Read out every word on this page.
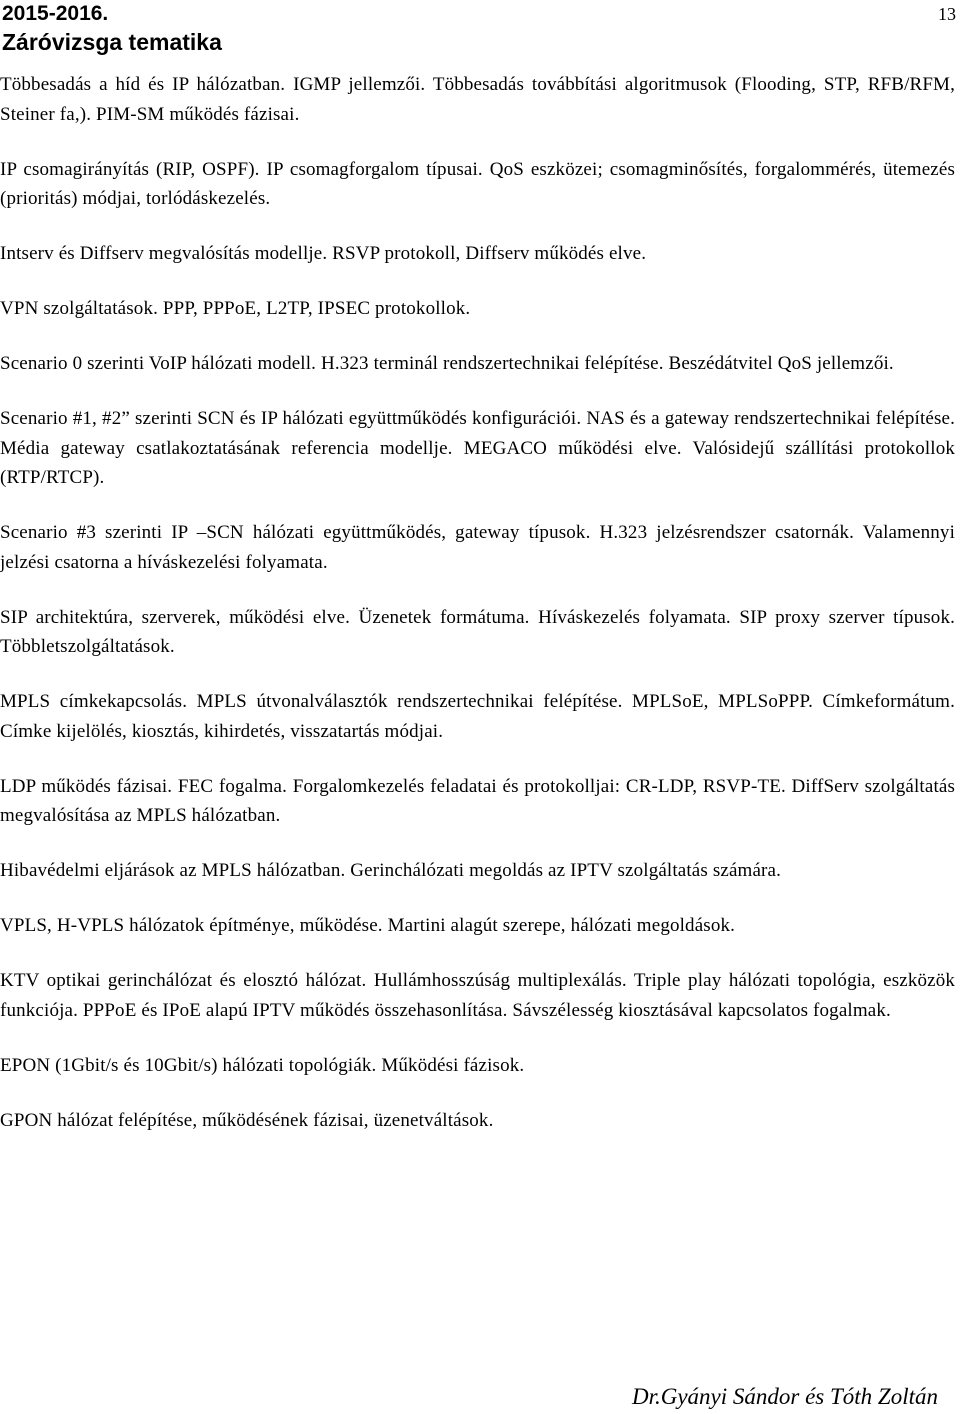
2015-2016.
Záróvizsga tematika
13

Többesadás a híd és IP hálózatban. IGMP jellemzői. Többesadás továbbítási algoritmusok (Flooding, STP, RFB/RFM, Steiner fa,). PIM-SM működés fázisai.

IP csomagirányítás (RIP, OSPF). IP csomagforgalom típusai. QoS eszközei; csomagminősítés, forgalommérés, ütemezés (prioritás) módjai, torlódáskezelés.

Intserv és Diffserv megvalósítás modellje. RSVP protokoll, Diffserv működés elve.

VPN szolgáltatások. PPP, PPPoE, L2TP, IPSEC protokollok.

Scenario 0 szerinti VoIP hálózati modell. H.323 terminál rendszertechnikai felépítése. Beszédátvitel QoS jellemzői.

Scenario #1, #2” szerinti SCN és IP hálózati együttműködés konfigurációi. NAS és a gateway rendszertechnikai felépítése. Média gateway csatlakoztatásának referencia modellje. MEGACO működési elve. Valósidejű szállítási protokollok (RTP/RTCP).

Scenario #3 szerinti IP –SCN hálózati együttműködés, gateway típusok. H.323 jelzésrendszer csatornák. Valamennyi jelzési csatorna a híváskezelési folyamata.

SIP architektúra, szerverek, működési elve. Üzenetek formátuma. Híváskezelés folyamata. SIP proxy szerver típusok. Többletszolgáltatások.

MPLS címkekapcsolás. MPLS útvonalválasztók rendszertechnikai felépítése. MPLSoE, MPLSoPPP. Címkeformátum. Címke kijelölés, kiosztás, kihirdetés, visszatartás módjai.

LDP működés fázisai. FEC fogalma. Forgalomkezelés feladatai és protokolljai: CR-LDP, RSVP-TE. DiffServ szolgáltatás megvalósítása az MPLS hálózatban.

Hibavédelmi eljárások az MPLS hálózatban. Gerinchálózati megoldás az IPTV szolgáltatás számára.

VPLS, H-VPLS hálózatok építménye, működése. Martini alagút szerepe, hálózati megoldások.

KTV optikai gerinchálózat és elosztó hálózat. Hullámhosszúság multiplexálás. Triple play hálózati topológia, eszközök funkciója. PPPoE és IPoE alapú IPTV működés összehasonlítása. Sávszélesség kiosztásával kapcsolatos fogalmak.

EPON (1Gbit/s és 10Gbit/s) hálózati topológiák. Működési fázisok.

GPON hálózat felépítése, működésének fázisai, üzenetváltások.

Dr.Gyányi Sándor és Tóth Zoltán
